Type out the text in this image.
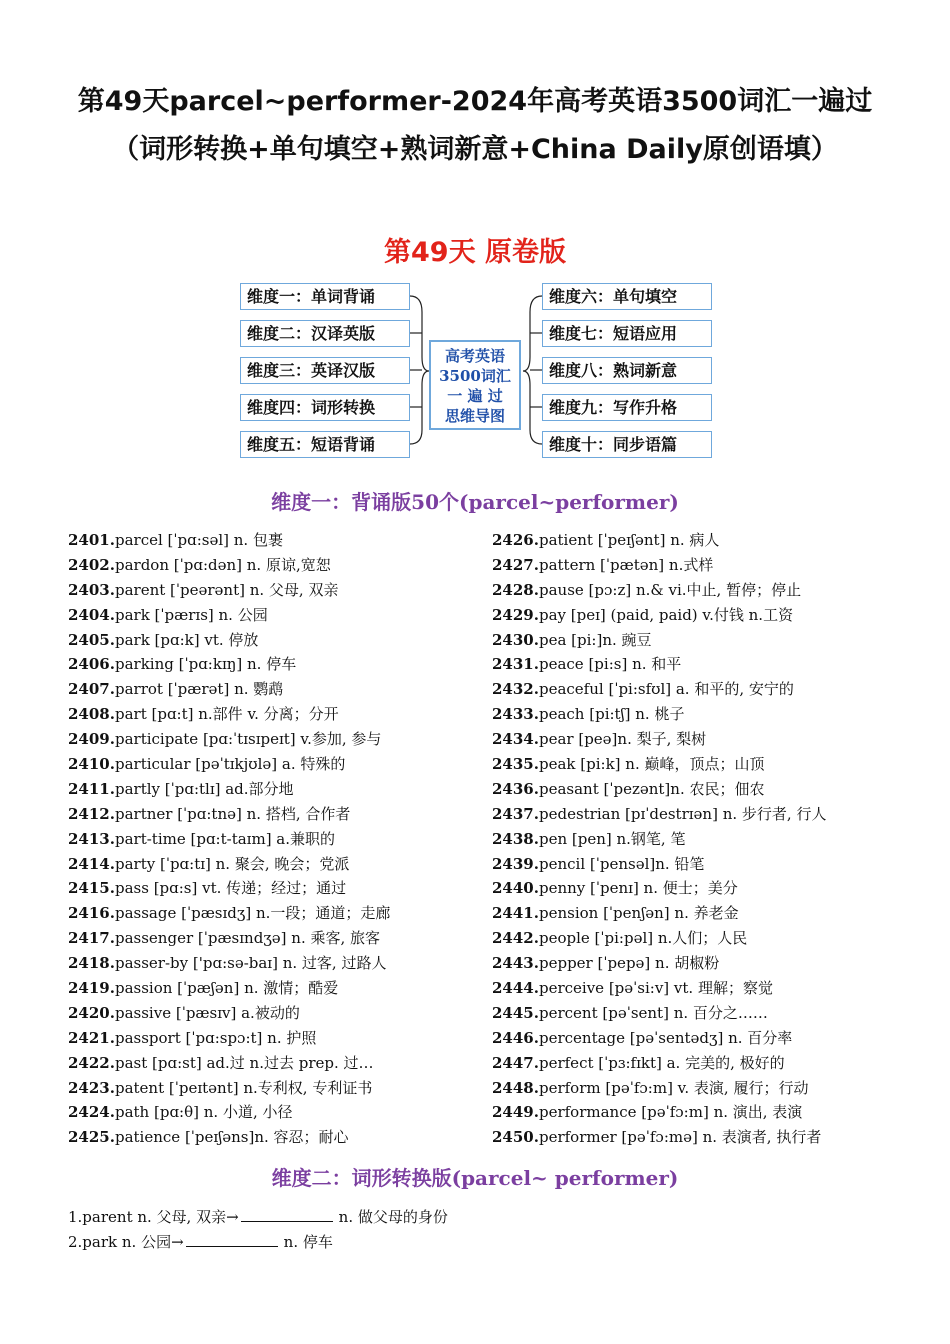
第49天parcel~performer-2024年高考英语3500词汇一遍过（词形转换+单句填空+熟词新意+China Daily原创语填）
第49天 原卷版
维度一：单词背诵
维度二：汉译英版
维度三：英译汉版
维度四：词形转换
维度五：短语背诵
高考英语
3500词汇
一 遍 过
思维导图
维度六：单句填空
维度七：短语应用
维度八：熟词新意
维度九：写作升格
维度十：同步语篇
维度一：背诵版50个(parcel~performer)
2401.parcel [ˈpɑ:səl] n. 包裹
2402.pardon [ˈpɑ:dən] n. 原谅,宽恕
2403.parent [ˈpeərənt] n. 父母, 双亲
2404.park [ˈpærɪs] n. 公园
2405.park [pɑ:k] vt. 停放
2406.parking [ˈpɑ:kɪŋ] n. 停车
2407.parrot [ˈpærət] n. 鹦鹉
2408.part [pɑ:t] n.部件 v. 分离；分开
2409.participate [pɑ:ˈtɪsɪpeɪt] v.参加, 参与
2410.particular [pəˈtɪkjʊlə] a. 特殊的
2411.partly [ˈpɑ:tlɪ] ad.部分地
2412.partner [ˈpɑ:tnə] n. 搭档, 合作者
2413.part-time [pɑ:t-taɪm] a.兼职的
2414.party [ˈpɑ:tɪ] n. 聚会, 晚会；党派
2415.pass [pɑ:s] vt. 传递；经过；通过
2416.passage [ˈpæsɪdʒ] n.一段；通道；走廊
2417.passenger [ˈpæsɪndʒə] n. 乘客, 旅客
2418.passer-by ['pɑ:sə-baɪ] n. 过客, 过路人
2419.passion [ˈpæʃən] n. 激情；酷爱
2420.passive [ˈpæsɪv] a.被动的
2421.passport [ˈpɑ:spɔ:t] n. 护照
2422.past [pɑ:st] ad.过 n.过去 prep. 过…
2423.patent [ˈpeɪtənt] n.专利权, 专利证书
2424.path [pɑ:θ] n. 小道, 小径
2425.patience [ˈpeɪʃəns]n. 容忍；耐心
2426.patient [ˈpeɪʃənt] n. 病人
2427.pattern [ˈpætən] n.式样
2428.pause [pɔ:z] n.& vi.中止, 暂停；停止
2429.pay [peɪ] (paid, paid) v.付钱 n.工资
2430.pea [pi:]n. 豌豆
2431.peace [pi:s] n. 和平
2432.peaceful [ˈpi:sfʊl] a. 和平的, 安宁的
2433.peach [pi:tʃ] n. 桃子
2434.pear [peə]n. 梨子, 梨树
2435.peak [pi:k] n. 巅峰，顶点；山顶
2436.peasant [ˈpezənt]n. 农民；佃农
2437.pedestrian [pɪˈdestrɪən] n. 步行者, 行人
2438.pen [pen] n.钢笔, 笔
2439.pencil [ˈpensəl]n. 铅笔
2440.penny [ˈpenɪ] n. 便士；美分
2441.pension [ˈpenʃən] n. 养老金
2442.people [ˈpi:pəl] n.人们；人民
2443.pepper [ˈpepə] n. 胡椒粉
2444.perceive [pəˈsi:v] vt. 理解；察觉
2445.percent [pəˈsent] n. 百分之……
2446.percentage [pəˈsentədʒ] n. 百分率
2447.perfect [ˈpɜ:fɪkt] a. 完美的, 极好的
2448.perform [pəˈfɔ:m] v. 表演, 履行；行动
2449.performance [pəˈfɔ:m] n. 演出, 表演
2450.performer [pəˈfɔ:mə] n. 表演者, 执行者
维度二：词形转换版(parcel~ performer)
1.parent n. 父母, 双亲→	n. 做父母的身份
2.park n. 公园→	n. 停车
